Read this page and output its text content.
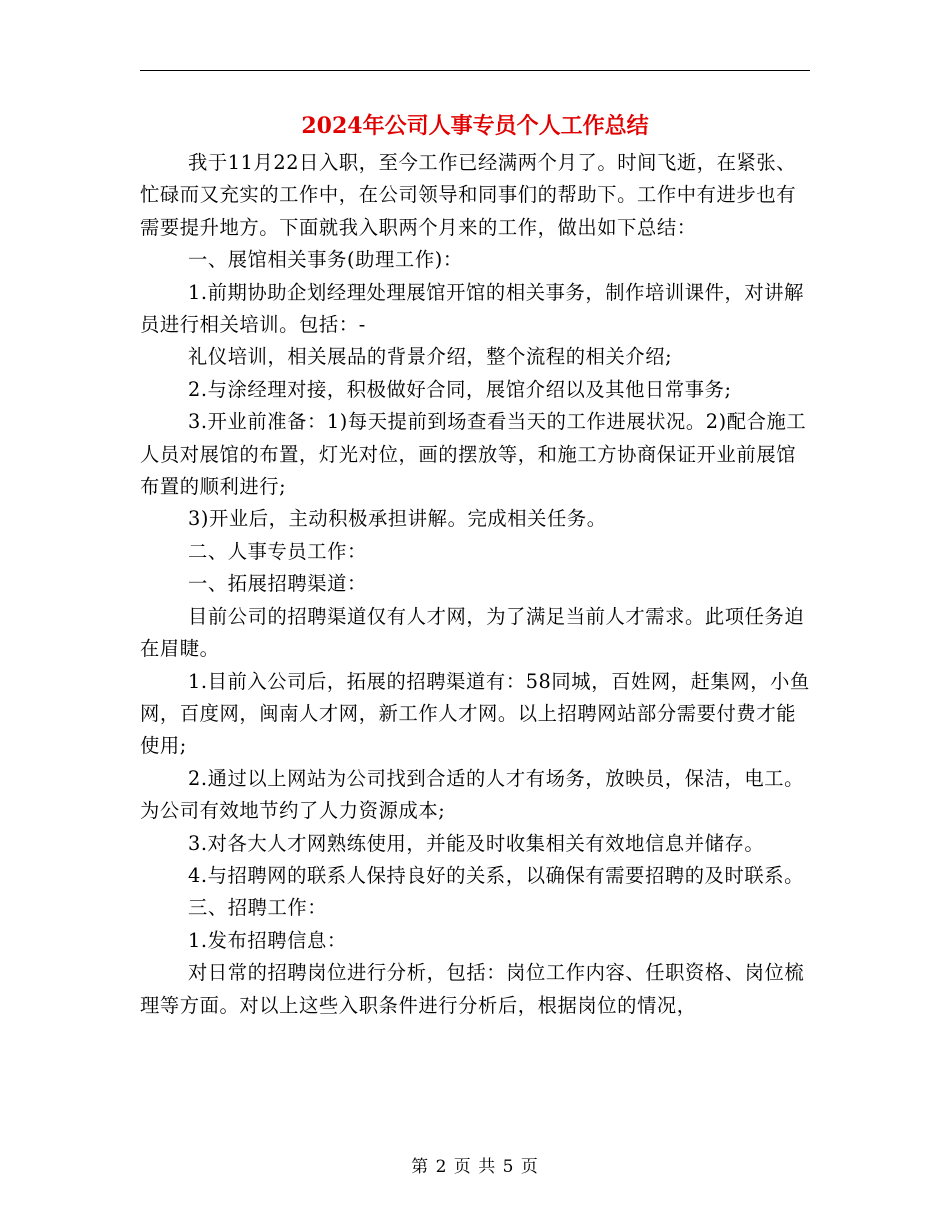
2024年公司人事专员个人工作总结

我于11月22日入职，至今工作已经满两个月了。时间飞逝，在紧张、忙碌而又充实的工作中，在公司领导和同事们的帮助下。工作中有进步也有需要提升地方。下面就我入职两个月来的工作，做出如下总结：

一、展馆相关事务(助理工作)：

1.前期协助企划经理处理展馆开馆的相关事务，制作培训课件，对讲解员进行相关培训。包括：-

礼仪培训，相关展品的背景介绍，整个流程的相关介绍;

2.与涂经理对接，积极做好合同，展馆介绍以及其他日常事务;

3.开业前准备：1)每天提前到场查看当天的工作进展状况。2)配合施工人员对展馆的布置，灯光对位，画的摆放等，和施工方协商保证开业前展馆布置的顺利进行;

3)开业后，主动积极承担讲解。完成相关任务。

二、人事专员工作：

一、拓展招聘渠道：

目前公司的招聘渠道仅有人才网，为了满足当前人才需求。此项任务迫在眉睫。

1.目前入公司后，拓展的招聘渠道有：58同城，百姓网，赶集网，小鱼网，百度网，闽南人才网，新工作人才网。以上招聘网站部分需要付费才能使用;

2.通过以上网站为公司找到合适的人才有场务，放映员，保洁，电工。为公司有效地节约了人力资源成本;

3.对各大人才网熟练使用，并能及时收集相关有效地信息并储存。

4.与招聘网的联系人保持良好的关系，以确保有需要招聘的及时联系。

三、招聘工作：

1.发布招聘信息：

对日常的招聘岗位进行分析，包括：岗位工作内容、任职资格、岗位梳理等方面。对以上这些入职条件进行分析后，根据岗位的情况，

第 2 页 共 5 页
